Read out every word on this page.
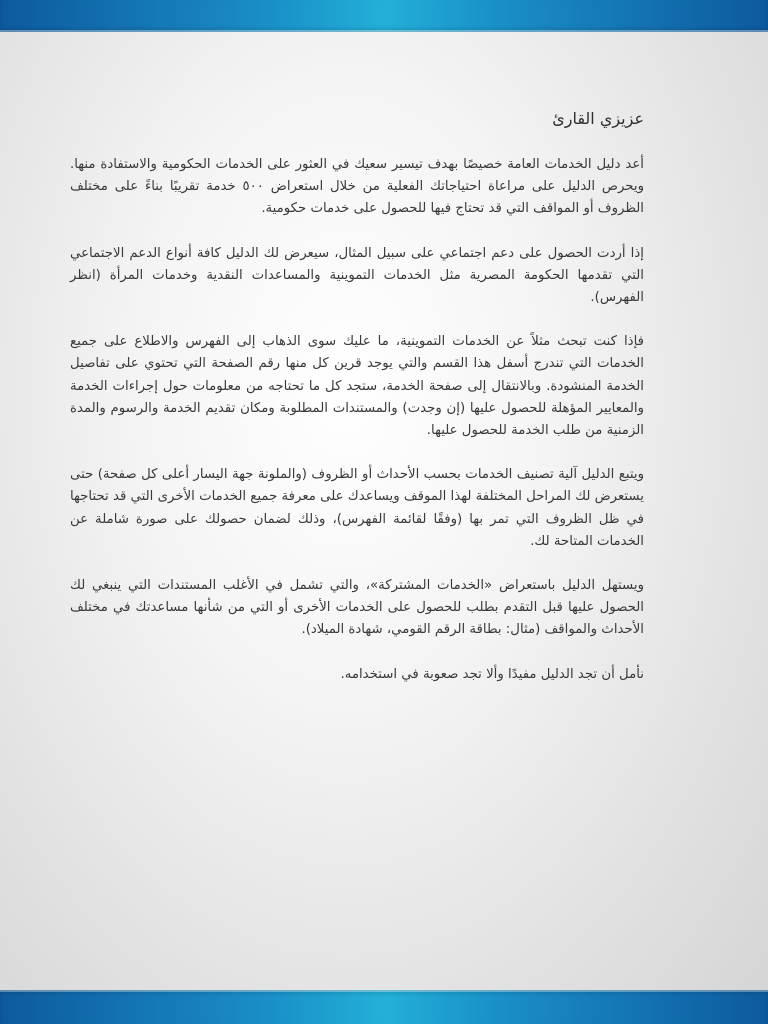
عزيزي القارئ

أعد دليل الخدمات العامة خصيصًا بهدف تيسير سعيك في العثور على الخدمات الحكومية والاستفادة منها. ويحرص الدليل على مراعاة احتياجاتك الفعلية من خلال استعراض ٥٠٠ خدمة تقريبًا بناءً على مختلف الظروف أو المواقف التي قد تحتاج فيها للحصول على خدمات حكومية.

إذا أردت الحصول على دعم اجتماعي على سبيل المثال، سيعرض لك الدليل كافة أنواع الدعم الاجتماعي التي تقدمها الحكومة المصرية مثل الخدمات التموينية والمساعدات النقدية وخدمات المرأة (انظر الفهرس).

فإذا كنت تبحث مثلاً عن الخدمات التموينية، ما عليك سوى الذهاب إلى الفهرس والاطلاع على جميع الخدمات التي تندرج أسفل هذا القسم والتي يوجد قرين كل منها رقم الصفحة التي تحتوي على تفاصيل الخدمة المنشودة. وبالانتقال إلى صفحة الخدمة، ستجد كل ما تحتاجه من معلومات حول إجراءات الخدمة والمعايير المؤهلة للحصول عليها (إن وجدت) والمستندات المطلوبة ومكان تقديم الخدمة والرسوم والمدة الزمنية من طلب الخدمة للحصول عليها.

ويتبع الدليل آلية تصنيف الخدمات بحسب الأحداث أو الظروف (والملونة جهة اليسار أعلى كل صفحة) حتى يستعرض لك المراحل المختلفة لهذا الموقف ويساعدك على معرفة جميع الخدمات الأخرى التي قد تحتاجها في ظل الظروف التي تمر بها (وفقًا لقائمة الفهرس)، وذلك لضمان حصولك على صورة شاملة عن الخدمات المتاحة لك.

ويستهل الدليل باستعراض «الخدمات المشتركة»، والتي تشمل في الأغلب المستندات التي ينبغي لك الحصول عليها قبل التقدم بطلب للحصول على الخدمات الأخرى أو التي من شأنها مساعدتك في مختلف الأحداث والمواقف (مثال: بطاقة الرقم القومي، شهادة الميلاد).

نأمل أن تجد الدليل مفيدًا وألا تجد صعوبة في استخدامه.
